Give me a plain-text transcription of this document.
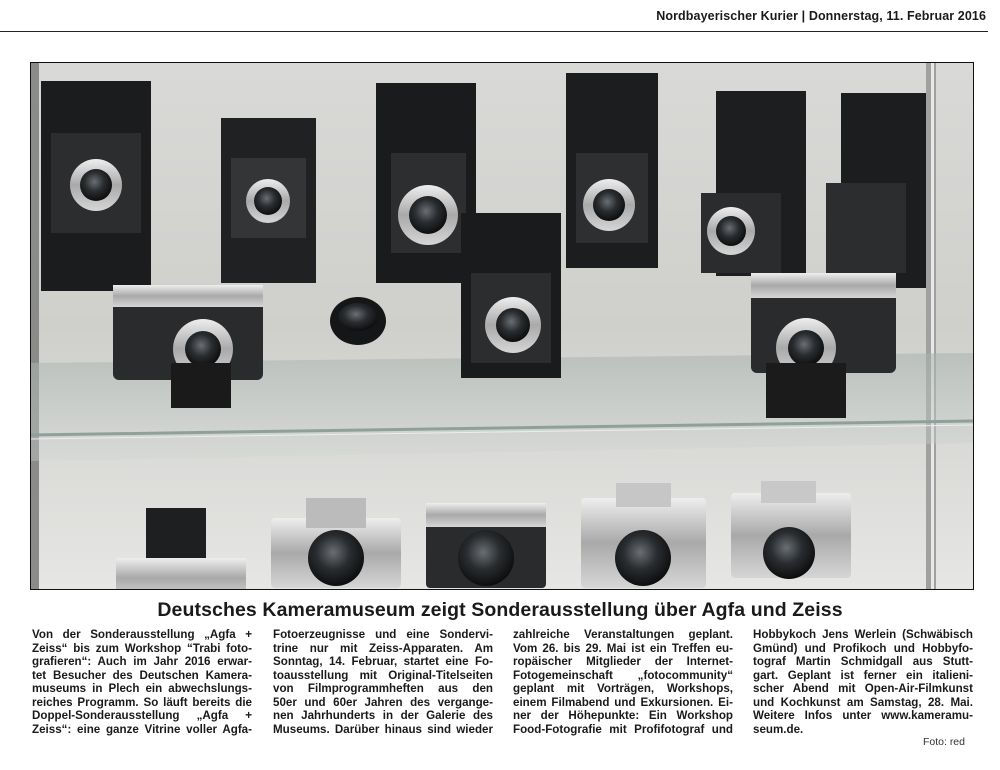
Nordbayerischer Kurier | Donnerstag, 11. Februar 2016
Deutsches Kameramuseum zeigt Sonderausstellung über Agfa und Zeiss
Von der Sonderausstellung „Agfa +
Zeiss“ bis zum Workshop “Trabi foto-
grafieren“: Auch im Jahr 2016 erwar-
tet Besucher des Deutschen Kamera-
museums in Plech ein abwechslungs-
reiches Programm. So läuft bereits die
Doppel-Sonderausstellung „Agfa +
Zeiss“: eine ganze Vitrine voller Agfa-
Fotoerzeugnisse und eine Sondervi-
trine nur mit Zeiss-Apparaten. Am
Sonntag, 14. Februar, startet eine Fo-
toausstellung mit Original-Titelseiten
von Filmprogrammheften aus den
50er und 60er Jahren des vergange-
nen Jahrhunderts in der Galerie des
Museums. Darüber hinaus sind wieder
zahlreiche Veranstaltungen geplant.
Vom 26. bis 29. Mai ist ein Treffen eu-
ropäischer Mitglieder der Internet-
Fotogemeinschaft „fotocommunity“
geplant mit Vorträgen, Workshops,
einem Filmabend und Exkursionen. Ei-
ner der Höhepunkte: Ein Workshop
Food-Fotografie mit Profifotograf und
Hobbykoch Jens Werlein (Schwäbisch
Gmünd) und Profikoch und Hobbyfo-
tograf Martin Schmidgall aus Stutt-
gart. Geplant ist ferner ein italieni-
scher Abend mit Open-Air-Filmkunst
und Kochkunst am Samstag, 28. Mai.
Weitere Infos unter www.kameramu-
seum.de.
Foto: red
